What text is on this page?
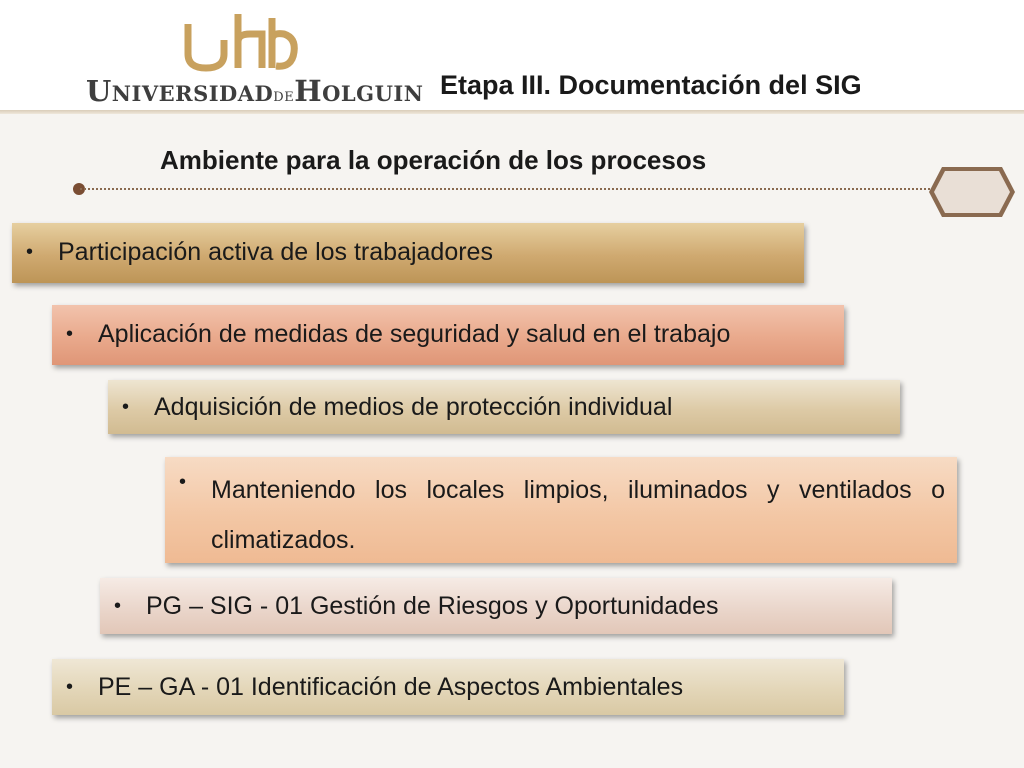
UNIVERSIDADDEHOLGUIN Etapa III. Documentación del SIG
Ambiente para la operación de los procesos
• Participación activa de los trabajadores
• Aplicación de medidas de seguridad y salud en el trabajo
• Adquisición de medios de protección individual
• Manteniendo los locales limpios, iluminados y ventilados o climatizados.
• PG – SIG - 01 Gestión de Riesgos y Oportunidades
• PE – GA - 01 Identificación de Aspectos Ambientales
